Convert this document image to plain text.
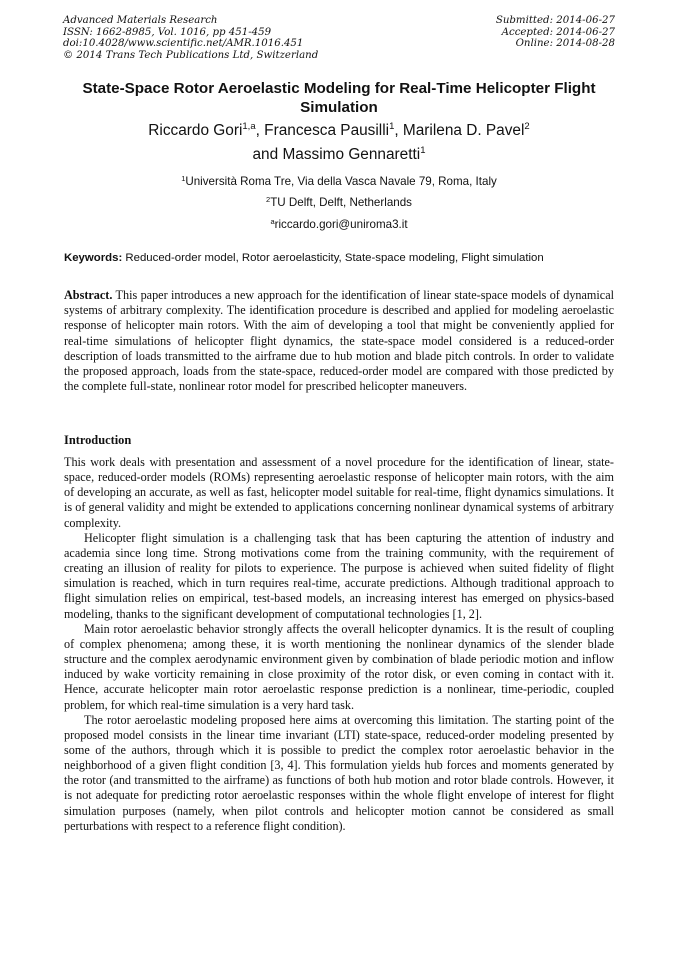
Advanced Materials Research
ISSN: 1662-8985, Vol. 1016, pp 451-459
doi:10.4028/www.scientific.net/AMR.1016.451
© 2014 Trans Tech Publications Ltd, Switzerland
Submitted: 2014-06-27
Accepted: 2014-06-27
Online: 2014-08-28
State-Space Rotor Aeroelastic Modeling for Real-Time Helicopter Flight
Simulation
Riccardo Gori$^{1,a}$, Francesca Pausilli$^1$, Marilena D. Pavel$^2$
and Massimo Gennaretti$^1$
$^1$Università Roma Tre, Via della Vasca Navale 79, Roma, Italy
$^2$TU Delft, Delft, Netherlands
$^a$riccardo.gori@uniroma3.it
Keywords: Reduced-order model, Rotor aeroelasticity, State-space modeling, Flight simulation
Abstract. This paper introduces a new approach for the identification of linear state-space models of dynamical systems of arbitrary complexity. The identification procedure is described and applied for modeling aeroelastic response of helicopter main rotors. With the aim of developing a tool that might be conveniently applied for real-time simulations of helicopter flight dynamics, the state-space model considered is a reduced-order description of loads transmitted to the airframe due to hub motion and blade pitch controls. In order to validate the proposed approach, loads from the state-space, reduced-order model are compared with those predicted by the complete full-state, nonlinear rotor model for prescribed helicopter maneuvers.
Introduction

This work deals with presentation and assessment of a novel procedure for the identification of linear, state-space, reduced-order models (ROMs) representing aeroelastic response of helicopter main rotors, with the aim of developing an accurate, as well as fast, helicopter model suitable for real-time, flight dynamics simulations. It is of general validity and might be extended to applications concerning nonlinear dynamical systems of arbitrary complexity.

Helicopter flight simulation is a challenging task that has been capturing the attention of industry and academia since long time. Strong motivations come from the training community, with the requirement of creating an illusion of reality for pilots to experience. The purpose is achieved when suited fidelity of flight simulation is reached, which in turn requires real-time, accurate predictions. Although traditional approach to flight simulation relies on empirical, test-based models, an increasing interest has emerged on physics-based modeling, thanks to the significant development of computational technologies [1, 2].

Main rotor aeroelastic behavior strongly affects the overall helicopter dynamics. It is the result of coupling of complex phenomena; among these, it is worth mentioning the nonlinear dynamics of the slender blade structure and the complex aerodynamic environment given by combination of blade periodic motion and inflow induced by wake vorticity remaining in close proximity of the rotor disk, or even coming in contact with it. Hence, accurate helicopter main rotor aeroelastic response prediction is a nonlinear, time-periodic, coupled problem, for which real-time simulation is a very hard task.

The rotor aeroelastic modeling proposed here aims at overcoming this limitation. The starting point of the proposed model consists in the linear time invariant (LTI) state-space, reduced-order modeling presented by some of the authors, through which it is possible to predict the complex rotor aeroelastic behavior in the neighborhood of a given flight condition [3, 4]. This formulation yields hub forces and moments generated by the rotor (and transmitted to the airframe) as functions of both hub motion and rotor blade controls. However, it is not adequate for predicting rotor aeroelastic responses within the whole flight envelope of interest for flight simulation purposes (namely, when pilot controls and helicopter motion cannot be considered as small perturbations with respect to a reference flight condition).
